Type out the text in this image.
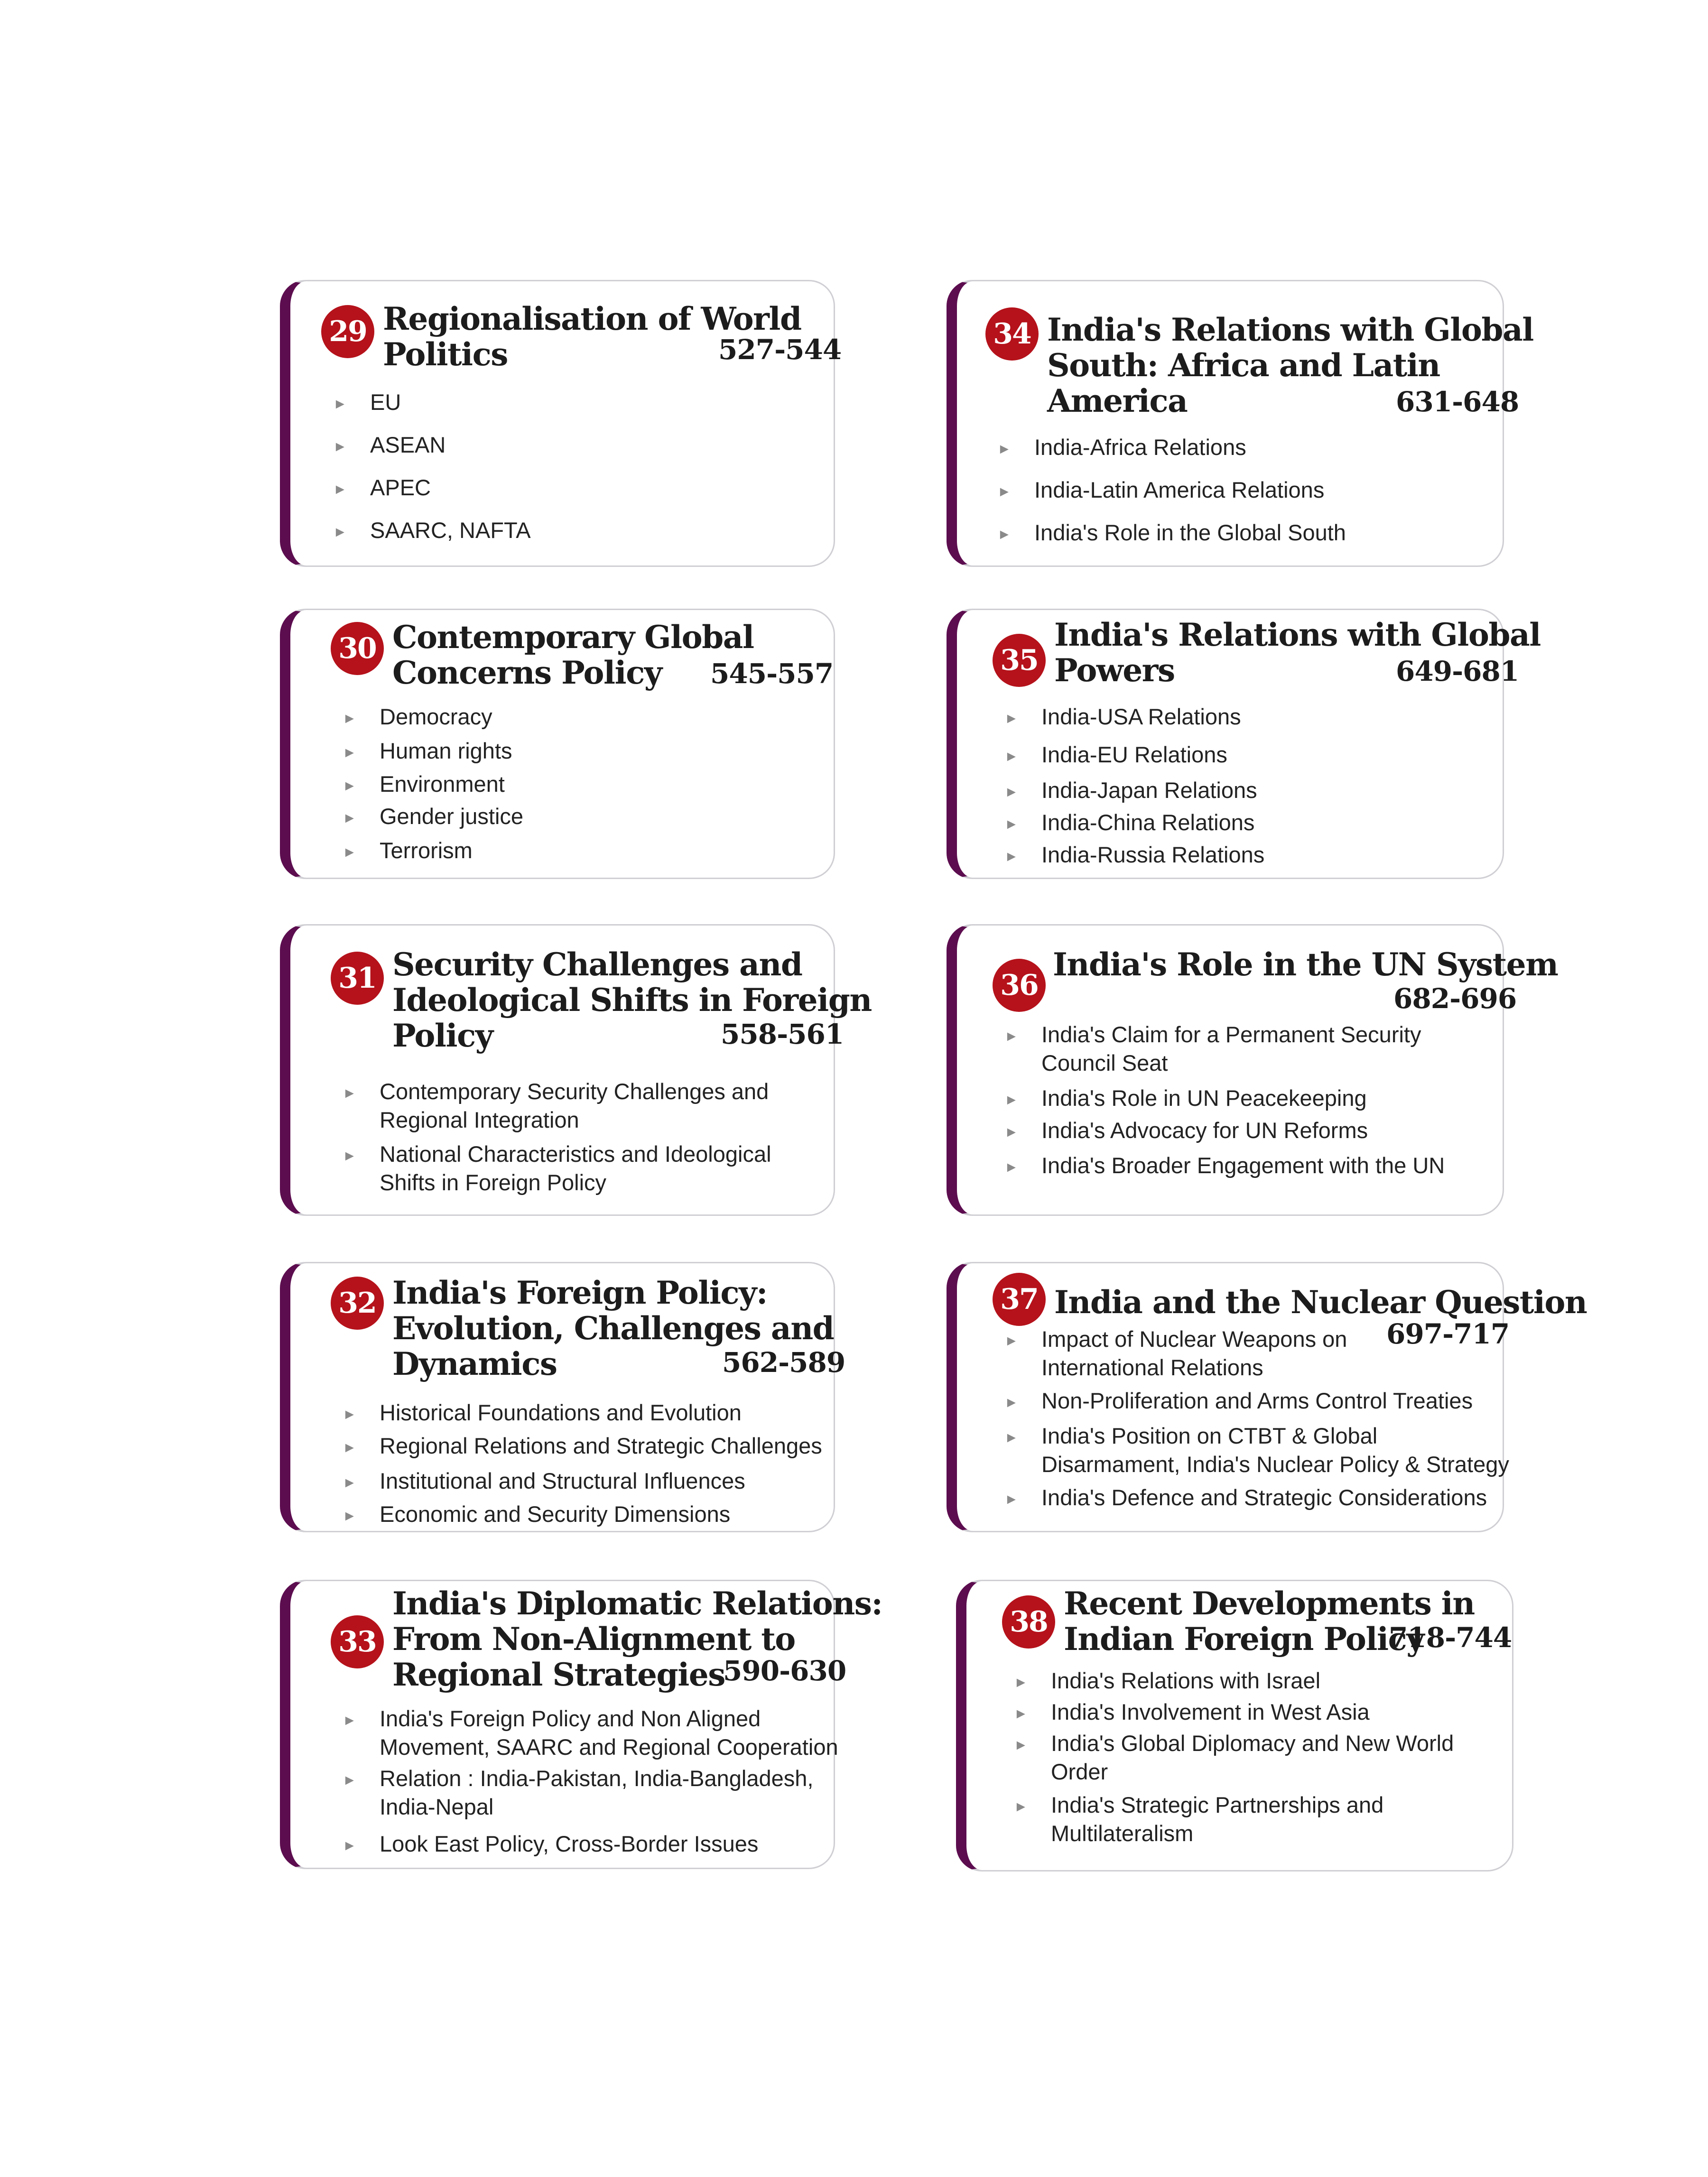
29 Regionalisation of World
Politics	527-544
► EU
► ASEAN
► APEC
► SAARC, NAFTA
30 Contemporary Global
Concerns Policy	545-557
► Democracy
► Human rights
► Environment
► Gender justice
► Terrorism
31 Security Challenges and
Ideological Shifts in Foreign
Policy	558-561
► Contemporary Security Challenges and
Regional Integration
► National Characteristics and Ideological
Shifts in Foreign Policy
32 India's Foreign Policy:
Evolution, Challenges and
Dynamics	562-589
► Historical Foundations and Evolution
► Regional Relations and Strategic Challenges
► Institutional and Structural Influences
► Economic and Security Dimensions
33
India's Diplomatic Relations:
From Non-Alignment to
Regional Strategies
590-630
► India's Foreign Policy and Non Aligned
Movement, SAARC and Regional Cooperation
► Relation : India-Pakistan, India-Bangladesh,
India-Nepal
► Look East Policy, Cross-Border Issues
34 India's Relations with Global
South: Africa and Latin
America	631-648
► India-Africa Relations
► India-Latin America Relations
► India's Role in the Global South
35
India's Relations with Global
Powers	649-681
► India-USA Relations
► India-EU Relations
► India-Japan Relations
► India-China Relations
► India-Russia Relations
36
India's Role in the UN System
682-696
► India's Claim for a Permanent Security
Council Seat
► India's Role in UN Peacekeeping
► India's Advocacy for UN Reforms
► India's Broader Engagement with the UN
37 India and the Nuclear Question
697-717
► Impact of Nuclear Weapons on
International Relations
► Non-Proliferation and Arms Control Treaties
► India's Position on CTBT & Global
Disarmament, India's Nuclear Policy & Strategy
► India's Defence and Strategic Considerations
38 Recent Developments in
Indian Foreign Policy
718-744
► India's Relations with Israel
► India's Involvement in West Asia
► India's Global Diplomacy and New World
Order
► India's Strategic Partnerships and
Multilateralism
